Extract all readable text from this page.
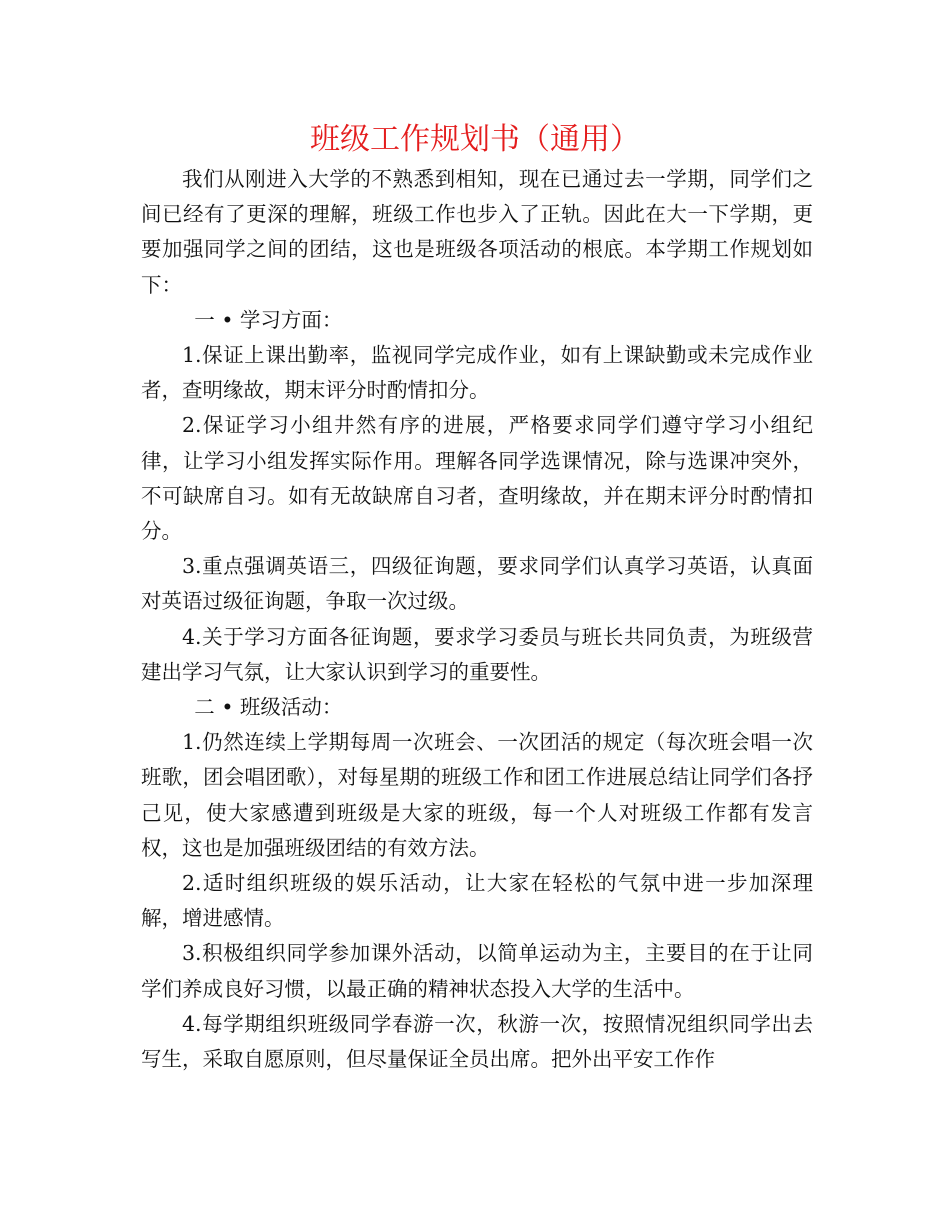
班级工作规划书（通用）

我们从刚进入大学的不熟悉到相知，现在已通过去一学期，同学们之间已经有了更深的理解，班级工作也步入了正轨。因此在大一下学期，更要加强同学之间的团结，这也是班级各项活动的根底。本学期工作规划如下：

一 • 学习方面：

1.保证上课出勤率，监视同学完成作业，如有上课缺勤或未完成作业者，查明缘故，期末评分时酌情扣分。

2.保证学习小组井然有序的进展，严格要求同学们遵守学习小组纪律，让学习小组发挥实际作用。理解各同学选课情况，除与选课冲突外，不可缺席自习。如有无故缺席自习者，查明缘故，并在期末评分时酌情扣分。

3.重点强调英语三，四级征询题，要求同学们认真学习英语，认真面对英语过级征询题，争取一次过级。

4.关于学习方面各征询题，要求学习委员与班长共同负责，为班级营建出学习气氛，让大家认识到学习的重要性。

二 • 班级活动：

1.仍然连续上学期每周一次班会、一次团活的规定（每次班会唱一次班歌，团会唱团歌），对每星期的班级工作和团工作进展总结让同学们各抒己见，使大家感遭到班级是大家的班级，每一个人对班级工作都有发言权，这也是加强班级团结的有效方法。

2.适时组织班级的娱乐活动，让大家在轻松的气氛中进一步加深理解，增进感情。

3.积极组织同学参加课外活动，以简单运动为主，主要目的在于让同学们养成良好习惯，以最正确的精神状态投入大学的生活中。

4.每学期组织班级同学春游一次，秋游一次，按照情况组织同学出去写生，采取自愿原则，但尽量保证全员出席。把外出平安工作作
